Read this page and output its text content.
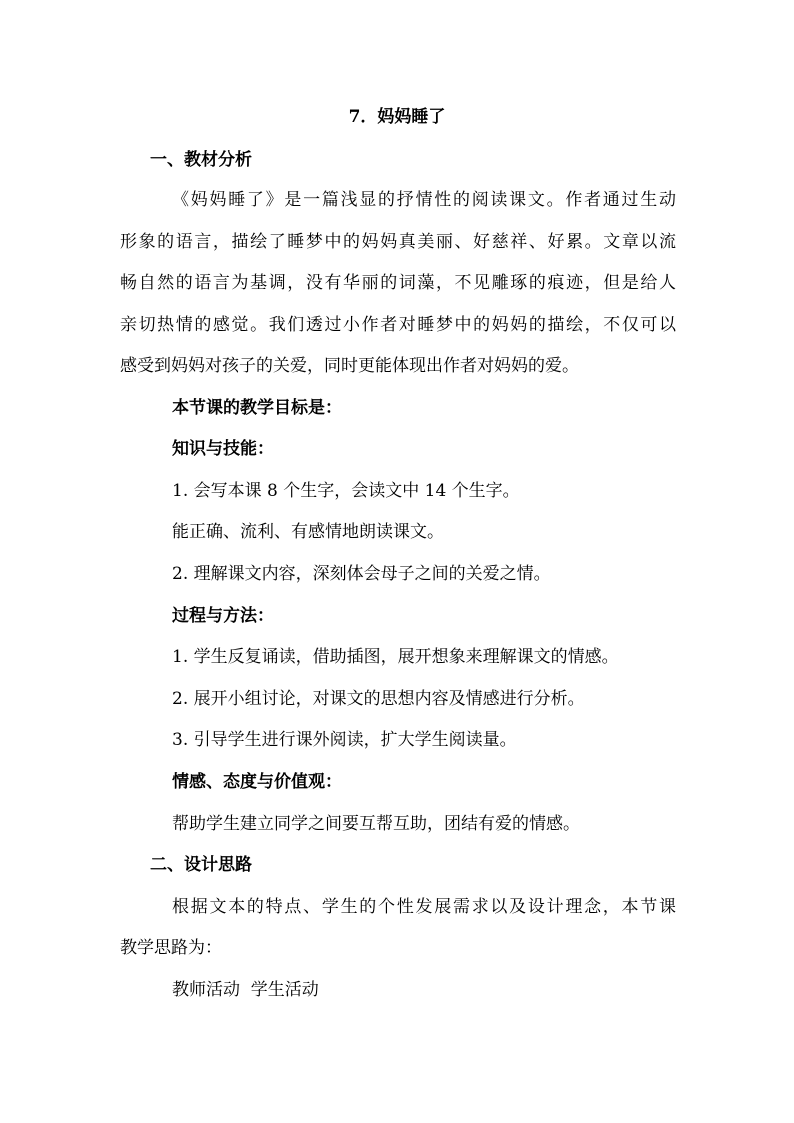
7．妈妈睡了
一、教材分析
《妈妈睡了》是一篇浅显的抒情性的阅读课文。作者通过生动
形象的语言，描绘了睡梦中的妈妈真美丽、好慈祥、好累。文章以流
畅自然的语言为基调，没有华丽的词藻，不见雕琢的痕迹，但是给人
亲切热情的感觉。我们透过小作者对睡梦中的妈妈的描绘，不仅可以
感受到妈妈对孩子的关爱，同时更能体现出作者对妈妈的爱。
本节课的教学目标是：
知识与技能：
1. 会写本课 8 个生字，会读文中 14 个生字。
能正确、流利、有感情地朗读课文。
2. 理解课文内容，深刻体会母子之间的关爱之情。
过程与方法：
1. 学生反复诵读，借助插图，展开想象来理解课文的情感。
2. 展开小组讨论，对课文的思想内容及情感进行分析。
3. 引导学生进行课外阅读，扩大学生阅读量。
情感、态度与价值观：
帮助学生建立同学之间要互帮互助，团结有爱的情感。
二、设计思路
根据文本的特点、学生的个性发展需求以及设计理念，本节课
教学思路为：
教师活动  学生活动
